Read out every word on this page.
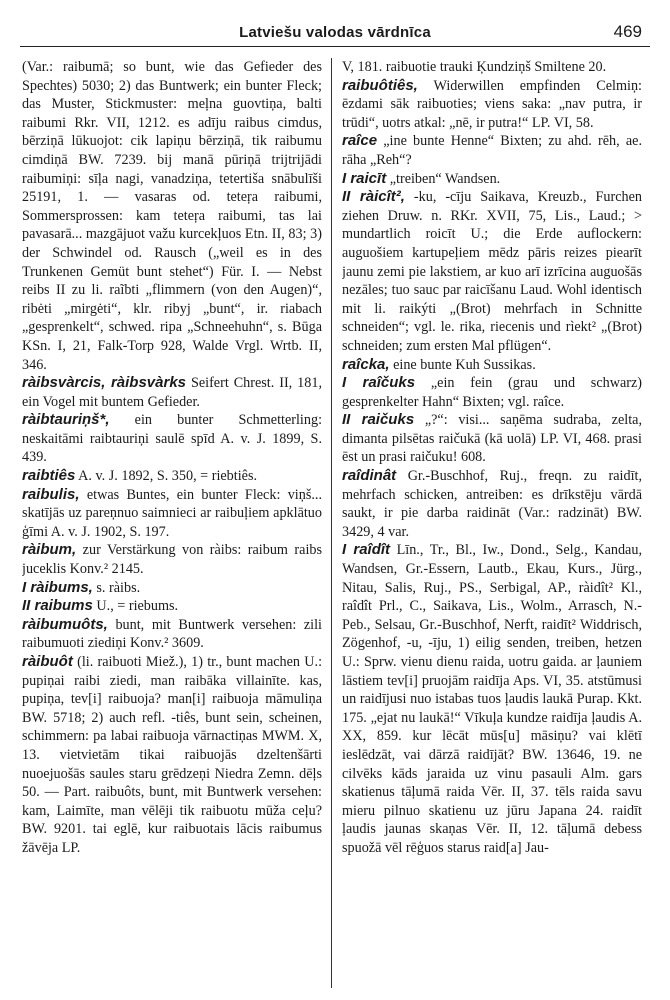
Latviešu valodas vārdnīca	469

(Var.: raibumā; so bunt, wie das Gefieder des Spechtes) 5030; 2) das Buntwerk; ein bunter Fleck; das Muster, Stickmuster: meļna guovtiņa, balti raibumi Rkr. VII, 1212. es adīju raibus cimdus, bērziņā lūkuojot: cik lapiņu bērziņā, tik raibumu cimdiņā BW. 7239. bij manā pūriņā trijtrijādi raibumiņi: sīļa nagi, vanadziņa, tetertiša snābulīši 25191, 1. — vasaras od. teteŗa raibumi, Sommersprossen: kam teteŗa raibumi, tas lai pavasarā... mazgājuot važu kurcekļuos Etn. II, 83; 3) der Schwindel od. Rausch („weil es in des Trunkenen Gemüt bunt stehet“) Für. I. — Nebst reibs II zu li. raĩbti „flimmern (von den Augen)“, ribėti „mirgėti“, klr. ribyj „bunt“, ir. riabach „gesprenkelt“, schwed. ripa „Schneehuhn“, s. Būga KSn. I, 21, Falk-Torp 928, Walde Vrgl. Wrtb. II, 346.

ràibsvàrcis, ràibsvàrks Seifert Chrest. II, 181, ein Vogel mit buntem Gefieder.

ràibtauriņš*, ein bunter Schmetterling: neskaitāmi raibtauriņi saulē spīd A. v. J. 1899, S. 439.

raibtiês A. v. J. 1892, S. 350, = riebtiês.

raibulis, etwas Buntes, ein bunter Fleck: viņš... skatījās uz pareņnuo saimnieci ar raibuļiem apklātuo ģīmi A. v. J. 1902, S. 197.

ràibum, zur Verstärkung von ràibs: raibum raibs juceklis Konv.² 2145.

I ràibums, s. ràibs.

II raibums U., = riebums.

ràibumuôts, bunt, mit Buntwerk versehen: zili raibumuoti ziediņi Konv.² 3609.

ràibuôt (li. raibuoti Miež.), 1) tr., bunt machen U.: pupiņai raibi ziedi, man raibāka villainīte. kas, pupiņa, tev[i] raibuoja? man[i] raibuoja māmuliņa BW. 5718; 2) auch refl. -tiês, bunt sein, scheinen, schimmern: pa labai raibuoja vārnactiņas MWM. X, 13. vietvietām tikai raibuojās dzeltenšārti nuoejuošās saules staru grēdzeņi Niedra Zemn. dēļs 50. — Part. raibuôts, bunt, mit Buntwerk versehen: kam, Laimīte, man vēlēji tik raibuotu mūža ceļu? BW. 9201. tai eglē, kur raibuotais lācis raibumus žāvēja LP.

V, 181. raibuotie trauki Ķundziņš Smiltene 20.

raibuôtiês, Widerwillen empfinden Celmiņ: ēzdami sāk raibuoties; viens saka: „nav putra, ir trūdi“, uotrs atkal: „nē, ir putra!“ LP. VI, 58.

raîce „ine bunte Henne“ Bixten; zu ahd. rēh, ae. rāha „Reh“?

I raicīt „treiben“ Wandsen.

II ràicît², -ku, -cīju Saikava, Kreuzb., Furchen ziehen Druw. n. RKr. XVII, 75, Lis., Laud.; > mundartlich roicīt U.; die Erde auflockern: auguošiem kartupeļiem mēdz pāris reizes piearīt jaunu zemi pie lakstiem, ar kuo arī izrīcina auguošās nezāles; tuo sauc par raicīšanu Laud. Wohl identisch mit li. raikýti „(Brot) mehrfach in Schnitte schneiden“; vgl. le. rika, riecenis und rìekt² „(Brot) schneiden; zum ersten Mal pflügen“.

raîcka, eine bunte Kuh Sussikas.

I raîčuks „ein fein (grau und schwarz) gesprenkelter Hahn“ Bixten; vgl. raîce.

II raičuks „?“: visi... saņēma sudraba, zelta, dimanta pilsētas raičukā (kā uolā) LP. VI, 468. prasi ēst un prasi raičuku! 608.

raîdinât Gr.-Buschhof, Ruj., freqn. zu raidīt, mehrfach schicken, antreiben: es drīkstēju vārdā saukt, ir pie darba raidināt (Var.: radzināt) BW. 3429, 4 var.

I raîdît Līn., Tr., Bl., Iw., Dond., Selg., Kandau, Wandsen, Gr.-Essern, Lautb., Ekau, Kurs., Jürg., Nitau, Salis, Ruj., PS., Serbigal, AP., ràidît² Kl., raîdît Prl., C., Saikava, Lis., Wolm., Arrasch, N.-Peb., Selsau, Gr.-Buschhof, Nerft, raidīt² Widdrisch, Zögenhof, -u, -īju, 1) eilig senden, treiben, hetzen U.: Sprw. vienu dienu raida, uotru gaida. ar ļauniem lāstiem tev[i] pruojām raidīja Aps. VI, 35. atstūmusi un raidījusi nuo istabas tuos ļaudis laukā Purap. Kkt. 175. „ejat nu laukā!“ Vīkuļa kundze raidīja ļaudis A. XX, 859. kur lēcāt mūs[u] māsiņu? vai klētī ieslēdzāt, vai dārzā raidījāt? BW. 13646, 19. ne cilvēks kāds jaraida uz vinu pasauli Alm. gars skatienus tāļumā raida Vēr. II, 37. tēls raida savu mieru pilnuo skatienu uz jūru Japana 24. raidīt ļaudis jaunas skaņas Vēr. II, 12. tāļumā debess spuožā vēl rēģuos starus raid[a] Jau-
